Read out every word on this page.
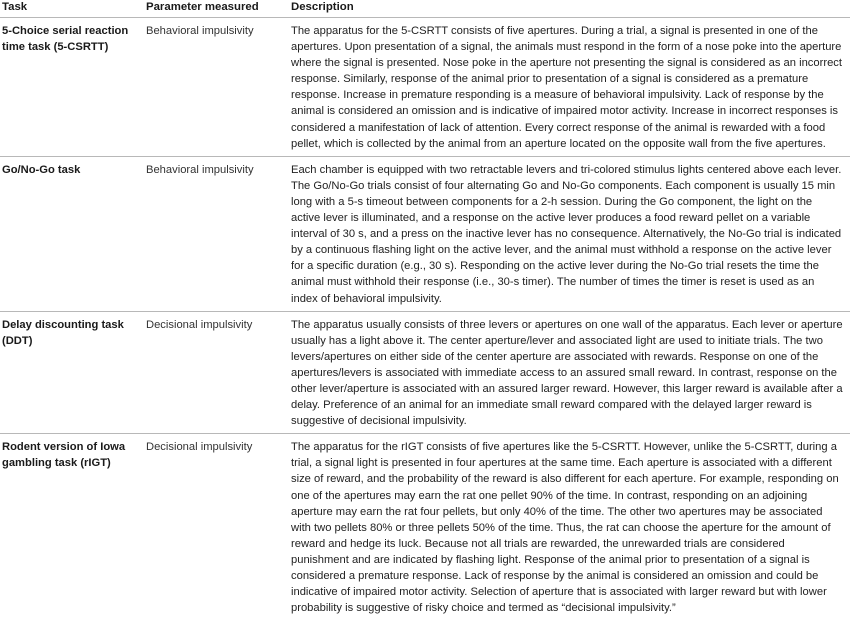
Task	Parameter measured	Description
5-Choice serial reaction time task (5-CSRTT)	Behavioral impulsivity	The apparatus for the 5-CSRTT consists of five apertures. During a trial, a signal is presented in one of the apertures. Upon presentation of a signal, the animals must respond in the form of a nose poke into the aperture where the signal is presented. Nose poke in the aperture not presenting the signal is considered as an incorrect response. Similarly, response of the animal prior to presentation of a signal is considered as a premature response. Increase in premature responding is a measure of behavioral impulsivity. Lack of response by the animal is considered an omission and is indicative of impaired motor activity. Increase in incorrect responses is considered a manifestation of lack of attention. Every correct response of the animal is rewarded with a food pellet, which is collected by the animal from an aperture located on the opposite wall from the five apertures.
Go/No-Go task	Behavioral impulsivity	Each chamber is equipped with two retractable levers and tri-colored stimulus lights centered above each lever. The Go/No-Go trials consist of four alternating Go and No-Go components. Each component is usually 15 min long with a 5-s timeout between components for a 2-h session. During the Go component, the light on the active lever is illuminated, and a response on the active lever produces a food reward pellet on a variable interval of 30 s, and a press on the inactive lever has no consequence. Alternatively, the No-Go trial is indicated by a continuous flashing light on the active lever, and the animal must withhold a response on the active lever for a specific duration (e.g., 30 s). Responding on the active lever during the No-Go trial resets the time the animal must withhold their response (i.e., 30-s timer). The number of times the timer is reset is used as an index of behavioral impulsivity.
Delay discounting task (DDT)	Decisional impulsivity	The apparatus usually consists of three levers or apertures on one wall of the apparatus. Each lever or aperture usually has a light above it. The center aperture/lever and associated light are used to initiate trials. The two levers/apertures on either side of the center aperture are associated with rewards. Response on one of the apertures/levers is associated with immediate access to an assured small reward. In contrast, response on the other lever/aperture is associated with an assured larger reward. However, this larger reward is available after a delay. Preference of an animal for an immediate small reward compared with the delayed larger reward is suggestive of decisional impulsivity.
Rodent version of Iowa gambling task (rIGT)	Decisional impulsivity	The apparatus for the rIGT consists of five apertures like the 5-CSRTT. However, unlike the 5-CSRTT, during a trial, a signal light is presented in four apertures at the same time. Each aperture is associated with a different size of reward, and the probability of the reward is also different for each aperture. For example, responding on one of the apertures may earn the rat one pellet 90% of the time. In contrast, responding on an adjoining aperture may earn the rat four pellets, but only 40% of the time. The other two apertures may be associated with two pellets 80% or three pellets 50% of the time. Thus, the rat can choose the aperture for the amount of reward and hedge its luck. Because not all trials are rewarded, the unrewarded trials are considered punishment and are indicated by flashing light. Response of the animal prior to presentation of a signal is considered a premature response. Lack of response by the animal is considered an omission and could be indicative of impaired motor activity. Selection of aperture that is associated with larger reward but with lower probability is suggestive of risky choice and termed as “decisional impulsivity.”
